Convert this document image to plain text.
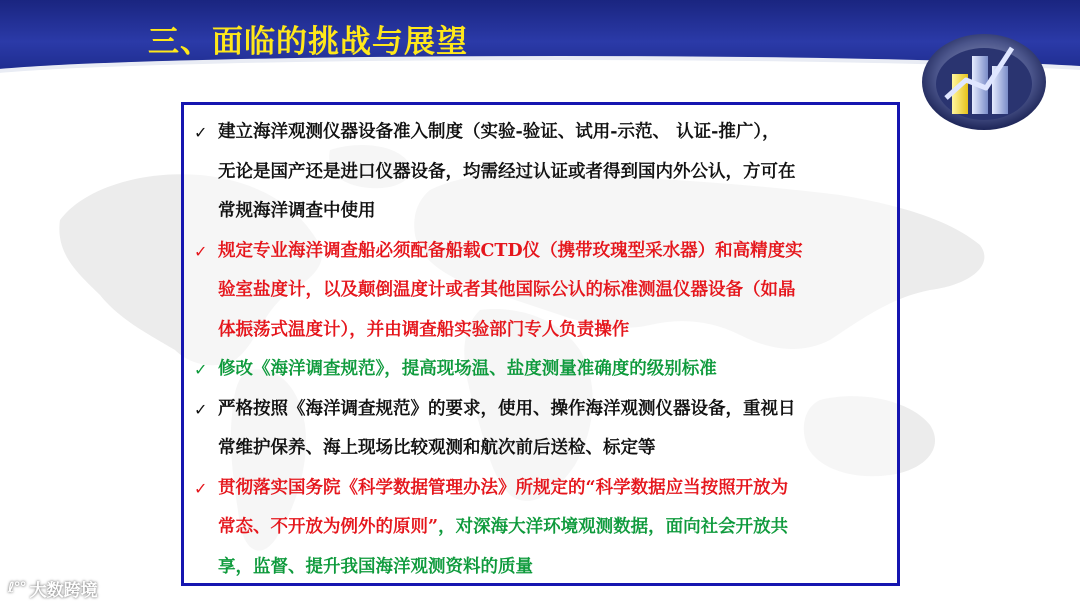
三、面临的挑战与展望
✓ 建立海洋观测仪器设备准入制度（实验-验证、试用-示范、 认证-推广），
无论是国产还是进口仪器设备，均需经过认证或者得到国内外公认，方可在
常规海洋调查中使用
✓ 规定专业海洋调查船必须配备船载CTD仪（携带玫瑰型采水器）和高精度实
验室盐度计，以及颠倒温度计或者其他国际公认的标准测温仪器设备（如晶
体振荡式温度计），并由调查船实验部门专人负责操作
✓ 修改《海洋调查规范》，提高现场温、盐度测量准确度的级别标准
✓ 严格按照《海洋调查规范》的要求，使用、操作海洋观测仪器设备，重视日
常维护保养、海上现场比较观测和航次前后送检、标定等
✓ 贯彻落实国务院《科学数据管理办法》所规定的“科学数据应当按照开放为
常态、不开放为例外的原则”，对深海大洋环境观测数据，面向社会开放共
享，监督、提升我国海洋观测资料的质量
ℓ°° 大数跨境
